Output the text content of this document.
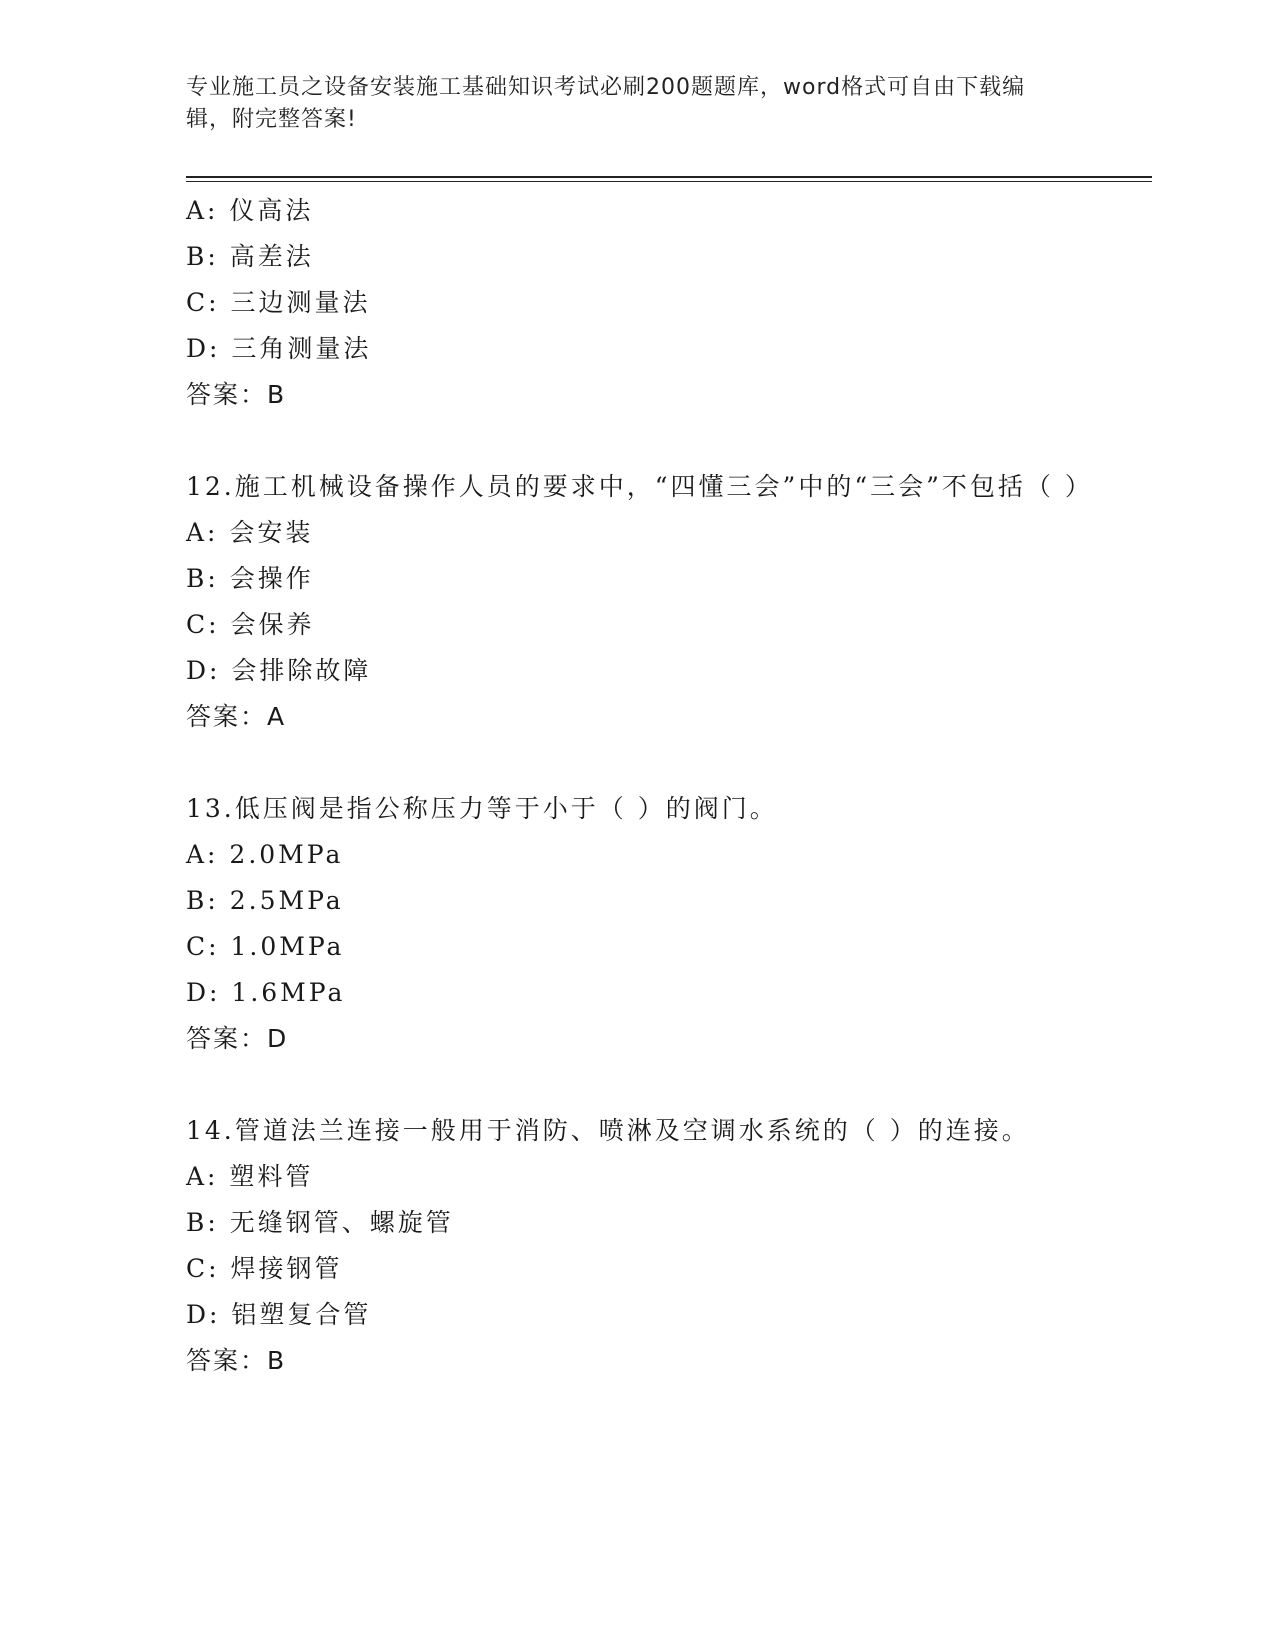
专业施工员之设备安装施工基础知识考试必刷200题题库，word格式可自由下载编辑，附完整答案!
A: 仪高法
B: 高差法
C: 三边测量法
D: 三角测量法
答案：B
12.施工机械设备操作人员的要求中，“四懂三会”中的“三会”不包括（ ）
A: 会安装
B: 会操作
C: 会保养
D: 会排除故障
答案：A
13.低压阀是指公称压力等于小于（ ）的阀门。
A: 2.0MPa
B: 2.5MPa
C: 1.0MPa
D: 1.6MPa
答案：D
14.管道法兰连接一般用于消防、喷淋及空调水系统的（ ）的连接。
A: 塑料管
B: 无缝钢管、螺旋管
C: 焊接钢管
D: 铝塑复合管
答案：B
